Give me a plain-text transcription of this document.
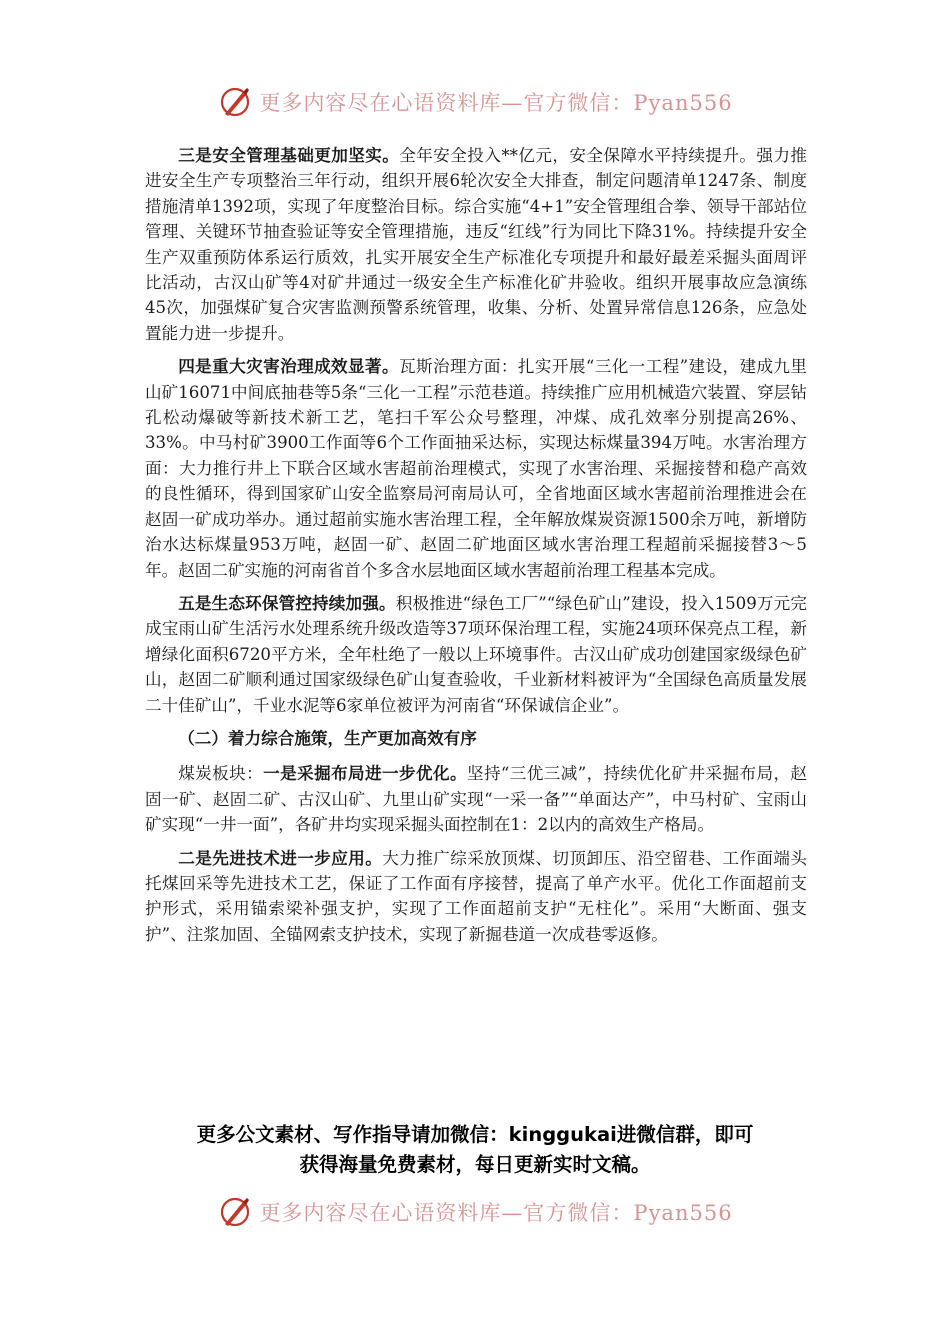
更多内容尽在心语资料库—官方微信：Pyan556

三是安全管理基础更加坚实。全年安全投入**亿元，安全保障水平持续提升。强力推进安全生产专项整治三年行动，组织开展6轮次安全大排查，制定问题清单1247条、制度措施清单1392项，实现了年度整治目标。综合实施“4+1”安全管理组合拳、领导干部站位管理、关键环节抽查验证等安全管理措施，违反“红线”行为同比下降31%。持续提升安全生产双重预防体系运行质效，扎实开展安全生产标准化专项提升和最好最差采掘头面周评比活动，古汉山矿等4对矿井通过一级安全生产标准化矿井验收。组织开展事故应急演练45次，加强煤矿复合灾害监测预警系统管理，收集、分析、处置异常信息126条，应急处置能力进一步提升。

四是重大灾害治理成效显著。瓦斯治理方面：扎实开展“三化一工程”建设，建成九里山矿16071中间底抽巷等5条“三化一工程”示范巷道。持续推广应用机械造穴装置、穿层钻孔松动爆破等新技术新工艺，笔扫千军公众号整理，冲煤、成孔效率分别提高26%、33%。中马村矿3900工作面等6个工作面抽采达标，实现达标煤量394万吨。水害治理方面：大力推行井上下联合区域水害超前治理模式，实现了水害治理、采掘接替和稳产高效的良性循环，得到国家矿山安全监察局河南局认可，全省地面区域水害超前治理推进会在赵固一矿成功举办。通过超前实施水害治理工程，全年解放煤炭资源1500余万吨，新增防治水达标煤量953万吨，赵固一矿、赵固二矿地面区域水害治理工程超前采掘接替3～5年。赵固二矿实施的河南省首个多含水层地面区域水害超前治理工程基本完成。

五是生态环保管控持续加强。积极推进“绿色工厂”“绿色矿山”建设，投入1509万元完成宝雨山矿生活污水处理系统升级改造等37项环保治理工程，实施24项环保亮点工程，新增绿化面积6720平方米，全年杜绝了一般以上环境事件。古汉山矿成功创建国家级绿色矿山，赵固二矿顺利通过国家级绿色矿山复查验收，千业新材料被评为“全国绿色高质量发展二十佳矿山”，千业水泥等6家单位被评为河南省“环保诚信企业”。

（二）着力综合施策，生产更加高效有序

煤炭板块：一是采掘布局进一步优化。坚持“三优三减”，持续优化矿井采掘布局，赵固一矿、赵固二矿、古汉山矿、九里山矿实现“一采一备”“单面达产”，中马村矿、宝雨山矿实现“一井一面”，各矿井均实现采掘头面控制在1：2以内的高效生产格局。

二是先进技术进一步应用。大力推广综采放顶煤、切顶卸压、沿空留巷、工作面端头托煤回采等先进技术工艺，保证了工作面有序接替，提高了单产水平。优化工作面超前支护形式，采用锚索梁补强支护，实现了工作面超前支护“无柱化”。采用“大断面、强支护”、注浆加固、全锚网索支护技术，实现了新掘巷道一次成巷零返修。

更多公文素材、写作指导请加微信：kinggukai进微信群，即可
获得海量免费素材，每日更新实时文稿。
更多内容尽在心语资料库—官方微信：Pyan556
